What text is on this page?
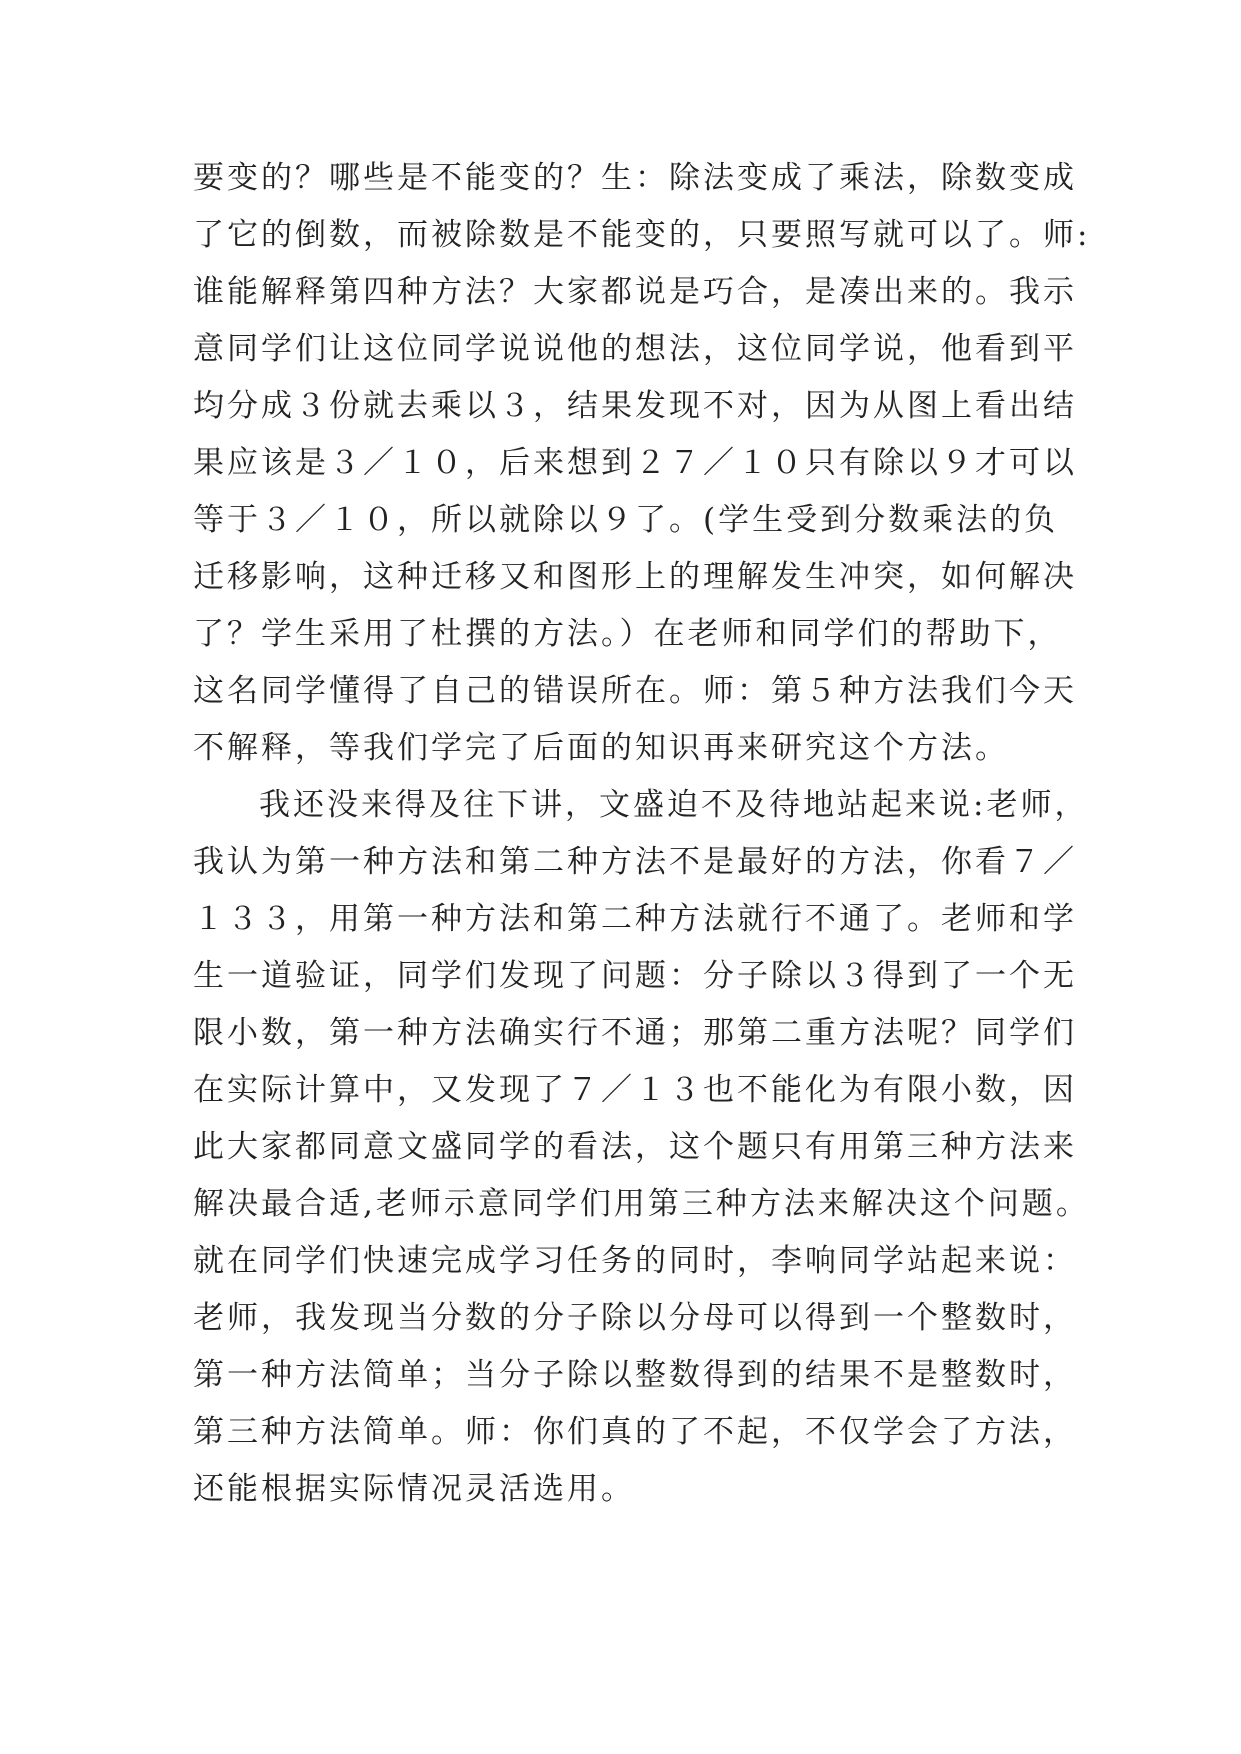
要变的？哪些是不能变的？生：除法变成了乘法，除数变成
了它的倒数，而被除数是不能变的，只要照写就可以了。师:
谁能解释第四种方法？大家都说是巧合，是凑出来的。我示
意同学们让这位同学说说他的想法，这位同学说，他看到平
均分成３份就去乘以３，结果发现不对，因为从图上看出结
果应该是３／１０，后来想到２７／１０只有除以９才可以
等于３／１０，所以就除以９了。(学生受到分数乘法的负
迁移影响，这种迁移又和图形上的理解发生冲突，如何解决
了？学生采用了杜撰的方法。）在老师和同学们的帮助下，
这名同学懂得了自己的错误所在。师：第５种方法我们今天
不解释，等我们学完了后面的知识再来研究这个方法。
我还没来得及往下讲，文盛迫不及待地站起来说:老师，
我认为第一种方法和第二种方法不是最好的方法，你看７／
１３３，用第一种方法和第二种方法就行不通了。老师和学
生一道验证，同学们发现了问题：分子除以３得到了一个无
限小数，第一种方法确实行不通；那第二重方法呢？同学们
在实际计算中，又发现了７／１３也不能化为有限小数，因
此大家都同意文盛同学的看法，这个题只有用第三种方法来
解决最合适,老师示意同学们用第三种方法来解决这个问题。
就在同学们快速完成学习任务的同时，李响同学站起来说：
老师，我发现当分数的分子除以分母可以得到一个整数时，
第一种方法简单；当分子除以整数得到的结果不是整数时，
第三种方法简单。师：你们真的了不起，不仅学会了方法，
还能根据实际情况灵活选用。
